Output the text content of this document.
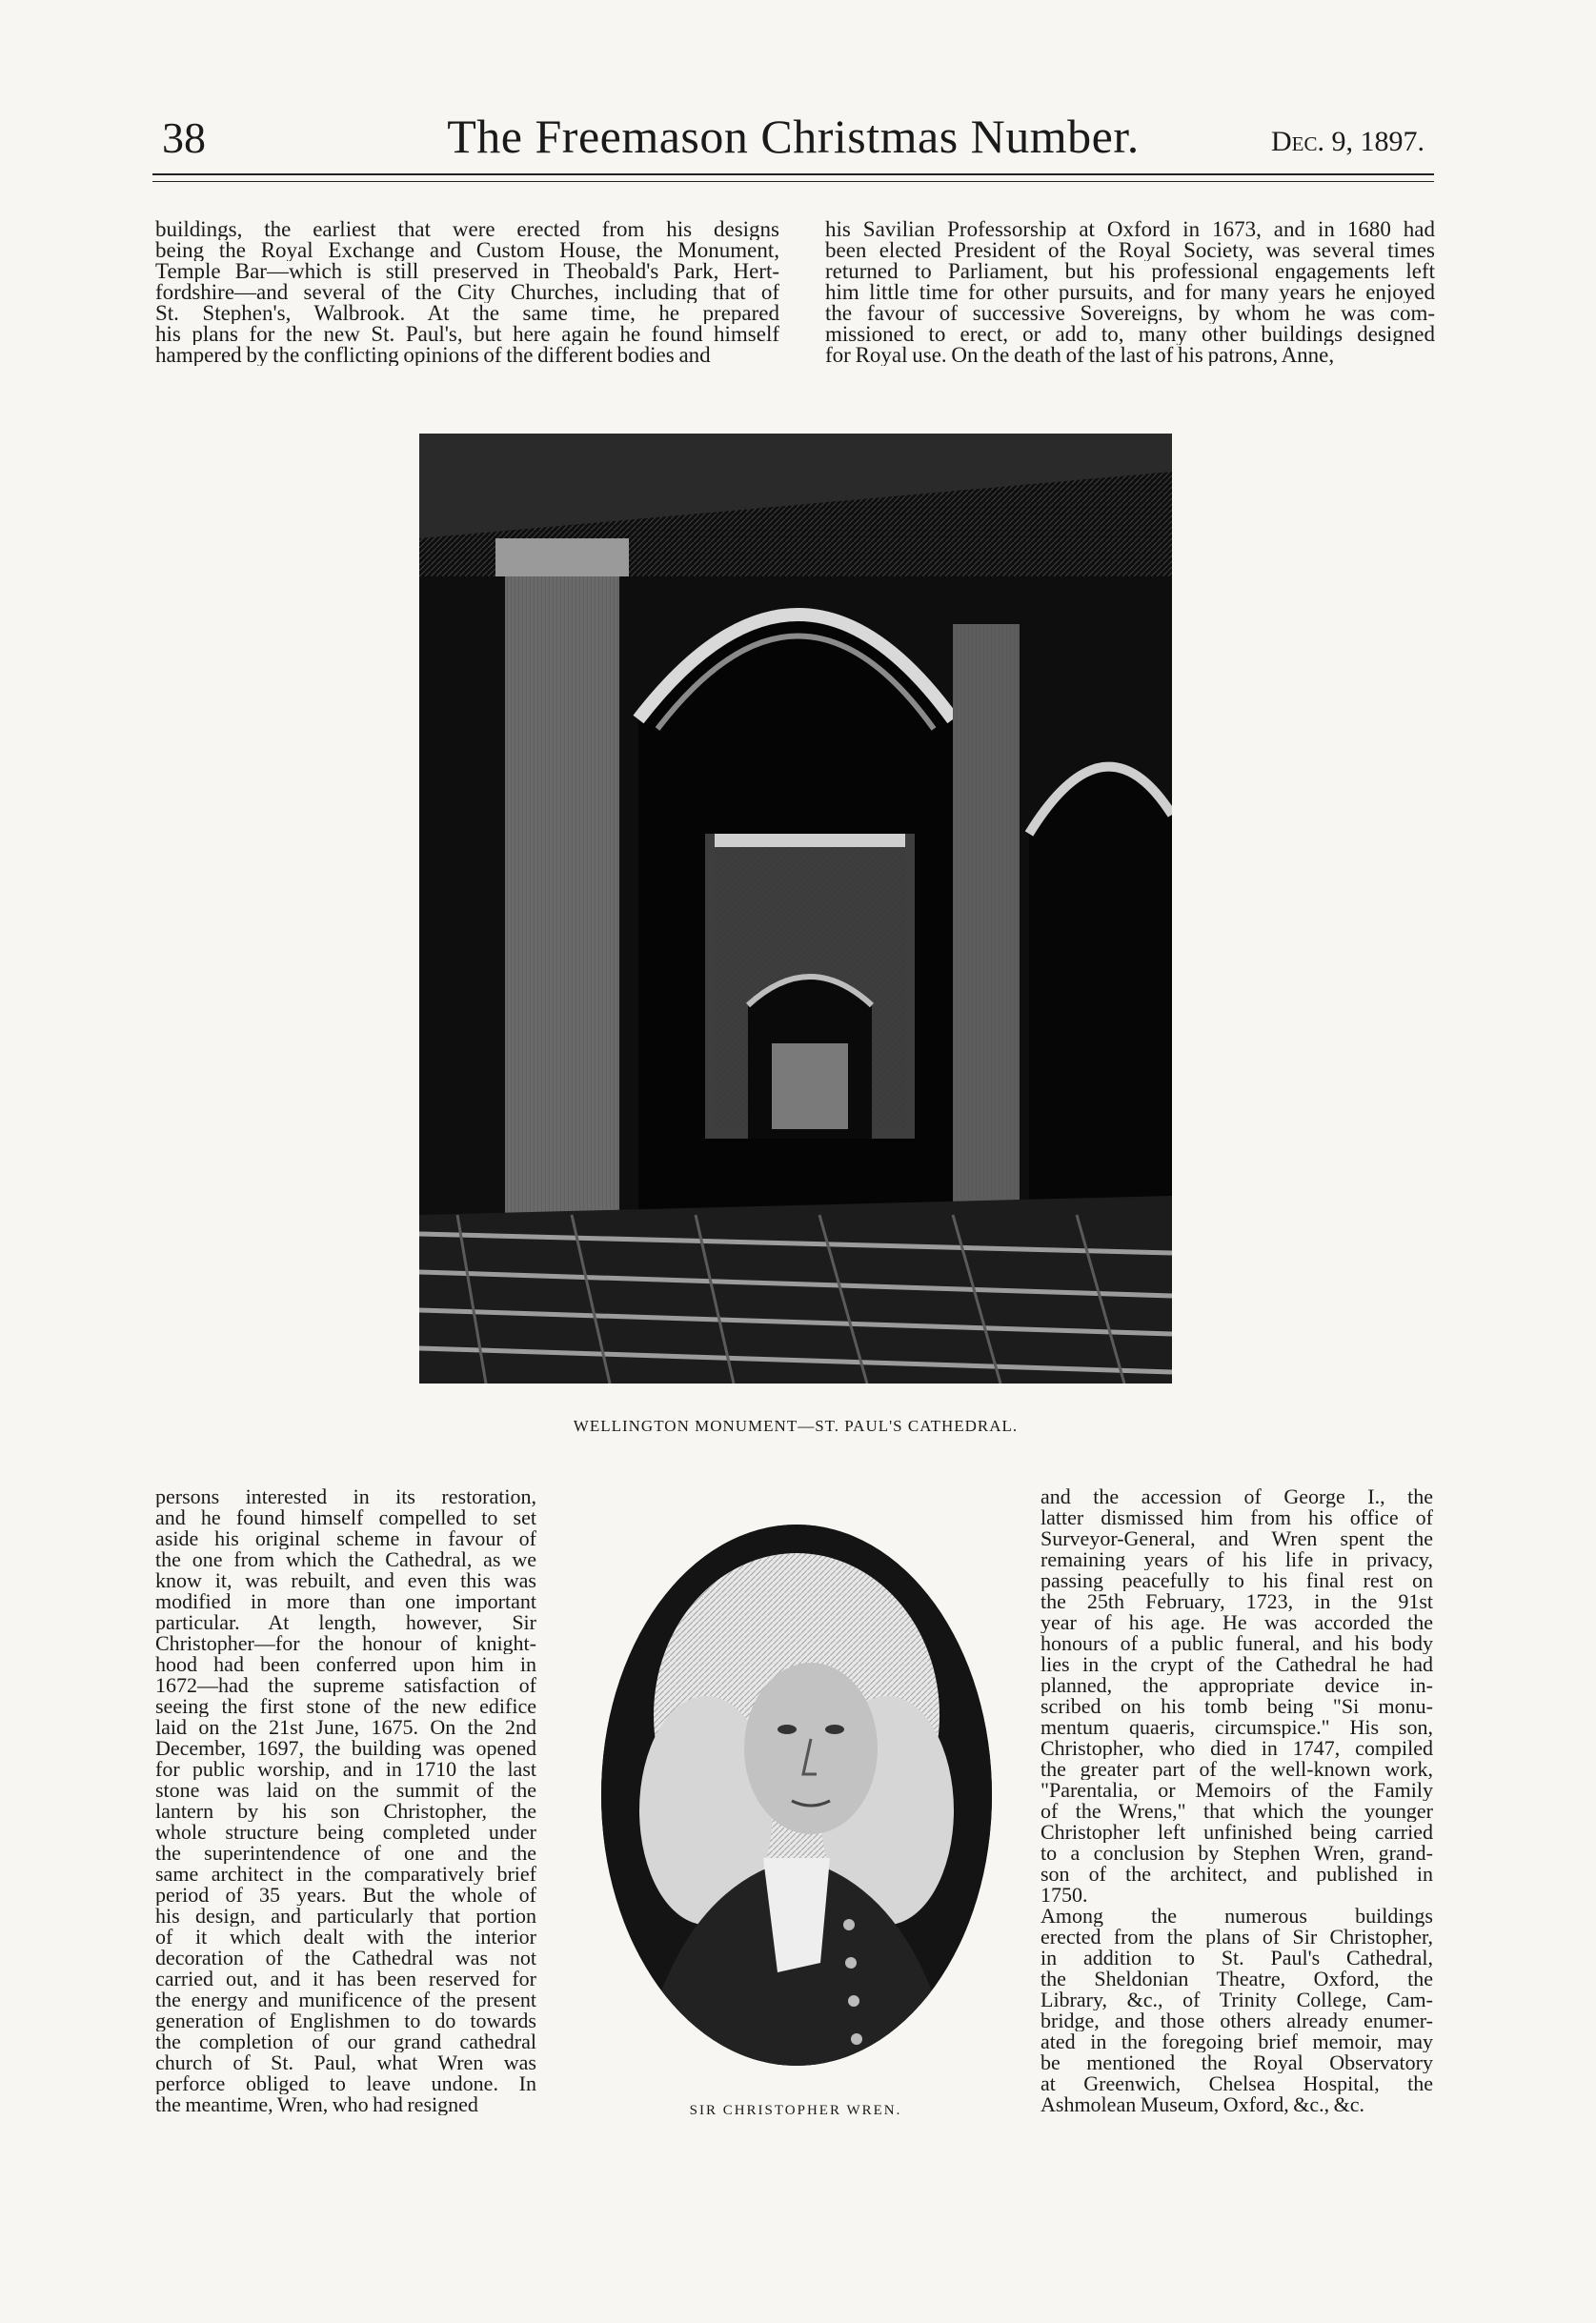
38	The Freemason Christmas Number.	Dec. 9, 1897.
buildings, the earliest that were erected from his designs
being the Royal Exchange and Custom House, the Monument,
Temple Bar—which is still preserved in Theobald's Park, Hert-
fordshire—and several of the City Churches, including that of
St. Stephen's, Walbrook. At the same time, he prepared
his plans for the new St. Paul's, but here again he found himself
hampered by the conflicting opinions of the different bodies and
his Savilian Professorship at Oxford in 1673, and in 1680 had
been elected President of the Royal Society, was several times
returned to Parliament, but his professional engagements left
him little time for other pursuits, and for many years he enjoyed
the favour of successive Sovereigns, by whom he was com-
missioned to erect, or add to, many other buildings designed
for Royal use. On the death of the last of his patrons, Anne,
WELLINGTON MONUMENT—ST. PAUL'S CATHEDRAL.
persons interested in its restoration,
and he found himself compelled to set
aside his original scheme in favour of
the one from which the Cathedral, as we
know it, was rebuilt, and even this was
modified in more than one important
particular. At length, however, Sir
Christopher—for the honour of knight-
hood had been conferred upon him in
1672—had the supreme satisfaction of
seeing the first stone of the new edifice
laid on the 21st June, 1675. On the 2nd
December, 1697, the building was opened
for public worship, and in 1710 the last
stone was laid on the summit of the
lantern by his son Christopher, the
whole structure being completed under
the superintendence of one and the
same architect in the comparatively brief
period of 35 years. But the whole of
his design, and particularly that portion
of it which dealt with the interior
decoration of the Cathedral was not
carried out, and it has been reserved for
the energy and munificence of the present
generation of Englishmen to do towards
the completion of our grand cathedral
church of St. Paul, what Wren was
perforce obliged to leave undone. In
the meantime, Wren, who had resigned	SIR CHRISTOPHER WREN.
and the accession of George I., the
latter dismissed him from his office of
Surveyor-General, and Wren spent the
remaining years of his life in privacy,
passing peacefully to his final rest on
the 25th February, 1723, in the 91st
year of his age. He was accorded the
honours of a public funeral, and his body
lies in the crypt of the Cathedral he had
planned, the appropriate device in-
scribed on his tomb being "Si monu-
mentum quaeris, circumspice." His son,
Christopher, who died in 1747, compiled
the greater part of the well-known work,
"Parentalia, or Memoirs of the Family
of the Wrens," that which the younger
Christopher left unfinished being carried
to a conclusion by Stephen Wren, grand-
son of the architect, and published in
1750.
Among the numerous buildings
erected from the plans of Sir Christopher,
in addition to St. Paul's Cathedral,
the Sheldonian Theatre, Oxford, the
Library, &c., of Trinity College, Cam-
bridge, and those others already enumer-
ated in the foregoing brief memoir, may
be mentioned the Royal Observatory
at Greenwich, Chelsea Hospital, the
Ashmolean Museum, Oxford, &c., &c.
